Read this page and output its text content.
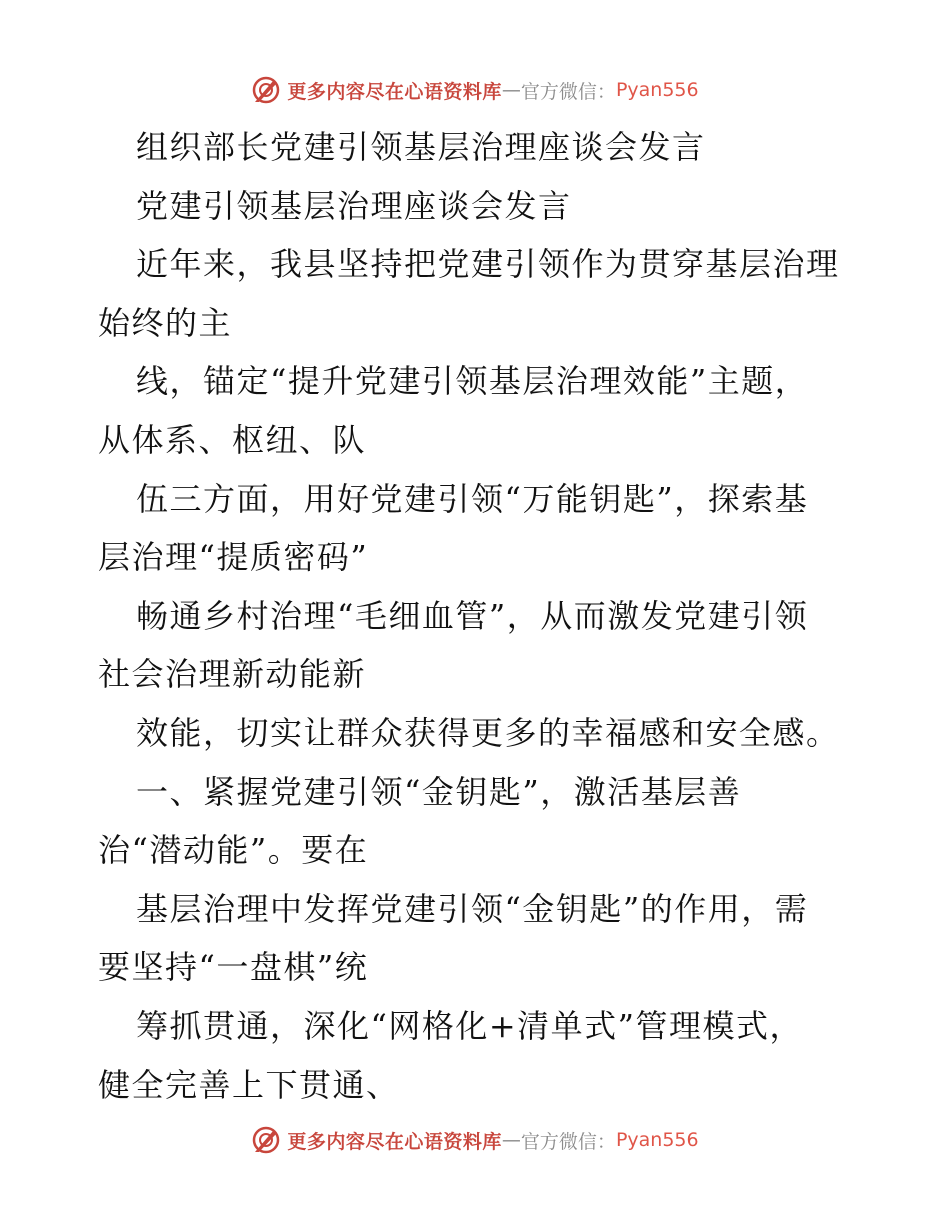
更多内容尽在心语资料库 — 官方微信： Pyan556
组织部长党建引领基层治理座谈会发言
党建引领基层治理座谈会发言
近年来，我县坚持把党建引领作为贯穿基层治理
始终的主
线，锚定“提升党建引领基层治理效能”主题，
从体系、枢纽、队
伍三方面，用好党建引领“万能钥匙”，探索基
层治理“提质密码”
畅通乡村治理“毛细血管”，从而激发党建引领
社会治理新动能新
效能，切实让群众获得更多的幸福感和安全感。
一、紧握党建引领“金钥匙”，激活基层善
治“潜动能”。要在
基层治理中发挥党建引领“金钥匙”的作用，需
要坚持“一盘棋”统
筹抓贯通，深化“网格化+清单式”管理模式，
健全完善上下贯通、
更多内容尽在心语资料库 — 官方微信： Pyan556
